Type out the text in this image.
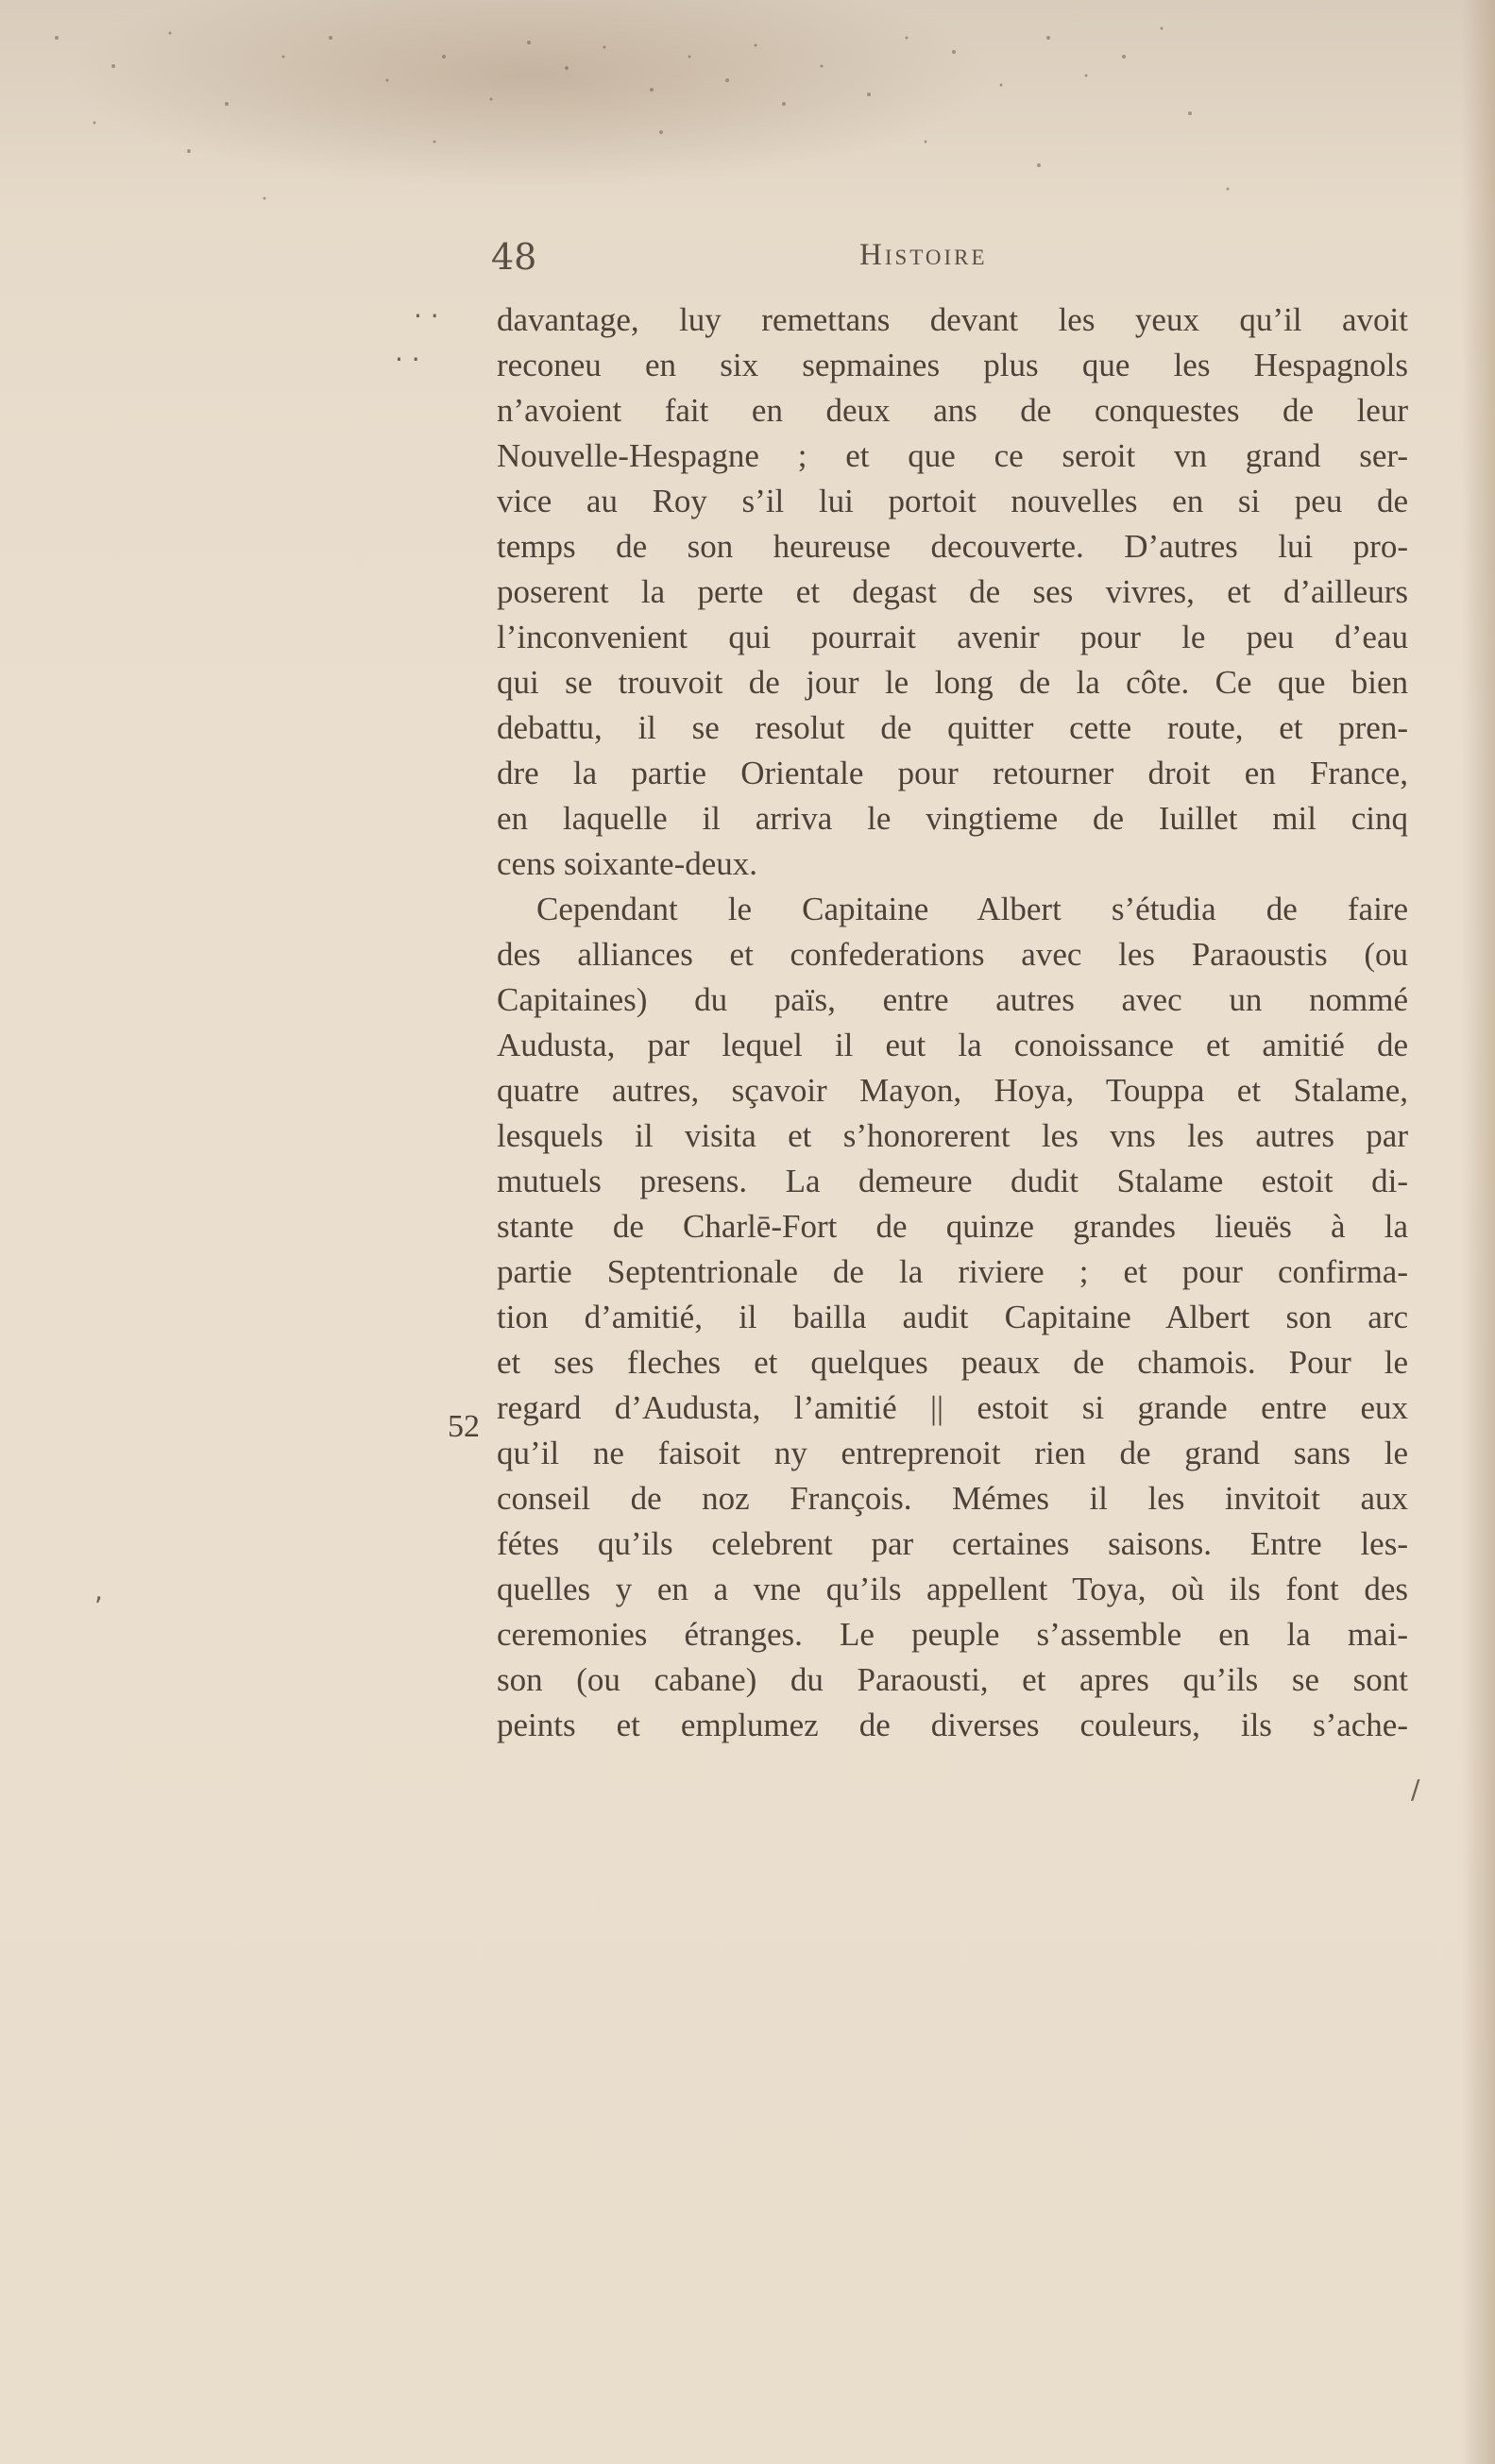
48	Histoire
· ·
· ·
,
/
52
davantage, luy remettans devant les yeux qu’il avoit
reconeu en six sepmaines plus que les Hespagnols
n’avoient fait en deux ans de conquestes de leur
Nouvelle-Hespagne ; et que ce seroit vn grand ser-
vice au Roy s’il lui portoit nouvelles en si peu de
temps de son heureuse decouverte. D’autres lui pro-
poserent la perte et degast de ses vivres, et d’ailleurs
l’inconvenient qui pourrait avenir pour le peu d’eau
qui se trouvoit de jour le long de la côte. Ce que bien
debattu, il se resolut de quitter cette route, et pren-
dre la partie Orientale pour retourner droit en France,
en laquelle il arriva le vingtieme de Iuillet mil cinq
cens soixante-deux.
Cependant le Capitaine Albert s’étudia de faire
des alliances et confederations avec les Paraoustis (ou
Capitaines) du païs, entre autres avec un nommé
Audusta, par lequel il eut la conoissance et amitié de
quatre autres, sçavoir Mayon, Hoya, Touppa et Stalame,
lesquels il visita et s’honorerent les vns les autres par
mutuels presens. La demeure dudit Stalame estoit di-
stante de Charlē-Fort de quinze grandes lieuës à la
partie Septentrionale de la riviere ; et pour confirma-
tion d’amitié, il bailla audit Capitaine Albert son arc
et ses fleches et quelques peaux de chamois. Pour le
regard d’Audusta, l’amitié || estoit si grande entre eux
qu’il ne faisoit ny entreprenoit rien de grand sans le
conseil de noz François. Mémes il les invitoit aux
fétes qu’ils celebrent par certaines saisons. Entre les-
quelles y en a vne qu’ils appellent Toya, où ils font des
ceremonies étranges. Le peuple s’assemble en la mai-
son (ou cabane) du Paraousti, et apres qu’ils se sont
peints et emplumez de diverses couleurs, ils s’ache-
